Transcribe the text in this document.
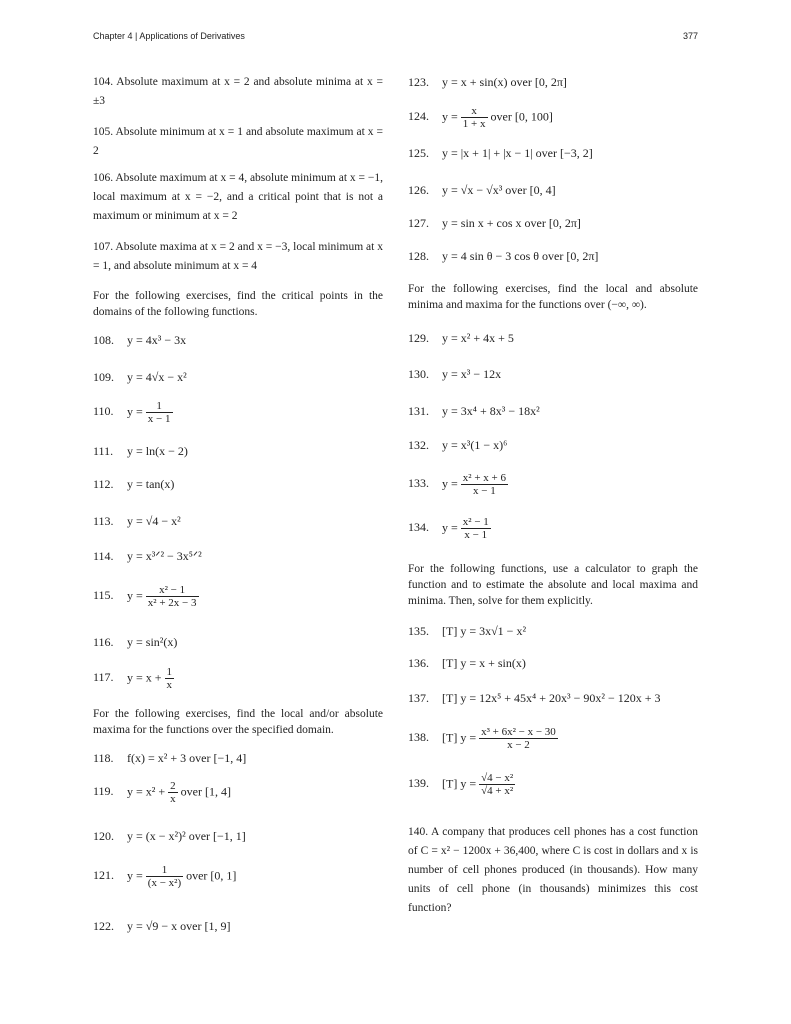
Chapter 4 | Applications of Derivatives	377
104. Absolute maximum at x = 2 and absolute minima at x = ±3
105. Absolute minimum at x = 1 and absolute maximum at x = 2
106. Absolute maximum at x = 4, absolute minimum at x = −1, local maximum at x = −2, and a critical point that is not a maximum or minimum at x = 2
107. Absolute maxima at x = 2 and x = −3, local minimum at x = 1, and absolute minimum at x = 4
For the following exercises, find the critical points in the domains of the following functions.
108. y = 4x³ − 3x
109. y = 4√x − x²
110. $y = \frac{1}{x - 1}$
111. y = ln(x − 2)
112. y = tan(x)
113. y = √4 − x²
114. y = x³ᐟ² − 3x⁵ᐟ²
115. $y = \frac{\text{x² − 1}}{\text{x² + 2x − 3}}$
116. y = sin²(x)
117. $y = x + \frac{1}{x}$
For the following exercises, find the local and/or absolute maxima for the functions over the specified domain.
118. f(x) = x² + 3 over [−1, 4]
119. $y = x^2 + \frac{2}{x}$ over [1, 4]
120. y = (x − x²)² over [−1, 1]
121. $y = \frac{1}{\text{(x − x²)}}$ over [0, 1]
122. y = √9 − x over [1, 9]
123. y = x + sin(x) over [0, 2π]
124. $y = \frac{x}{1 + x}$ over [0, 100]
125. y = |x + 1| + |x − 1| over [−3, 2]
126. y = √x − √x³ over [0, 4]
127. y = sin x + cos x over [0, 2π]
128. y = 4 sin θ − 3 cos θ over [0, 2π]
For the following exercises, find the local and absolute minima and maxima for the functions over (−∞, ∞).
129. y = x² + 4x + 5
130. y = x³ − 12x
131. y = 3x⁴ + 8x³ − 18x²
132. y = x³(1 − x)⁶
133. $y = \frac{\text{x² + x + 6}}{x - 1}$
134. $y = \frac{\text{x² − 1}}{x - 1}$
For the following functions, use a calculator to graph the function and to estimate the absolute and local maxima and minima. Then, solve for them explicitly.
135. [T] y = 3x√1 − x²
136. [T] y = x + sin(x)
137. [T] y = 12x⁵ + 45x⁴ + 20x³ − 90x² − 120x + 3
138. [T] $y = \frac{\text{x³ + 6x² − x − 30}}{x - 2}$
139. [T] $y = \frac{\text{√4 − x²}}{\text{√4 + x²}}$
140. A company that produces cell phones has a cost function of C = x² − 1200x + 36,400, where C is cost in dollars and x is number of cell phones produced (in thousands). How many units of cell phone (in thousands) minimizes this cost function?
